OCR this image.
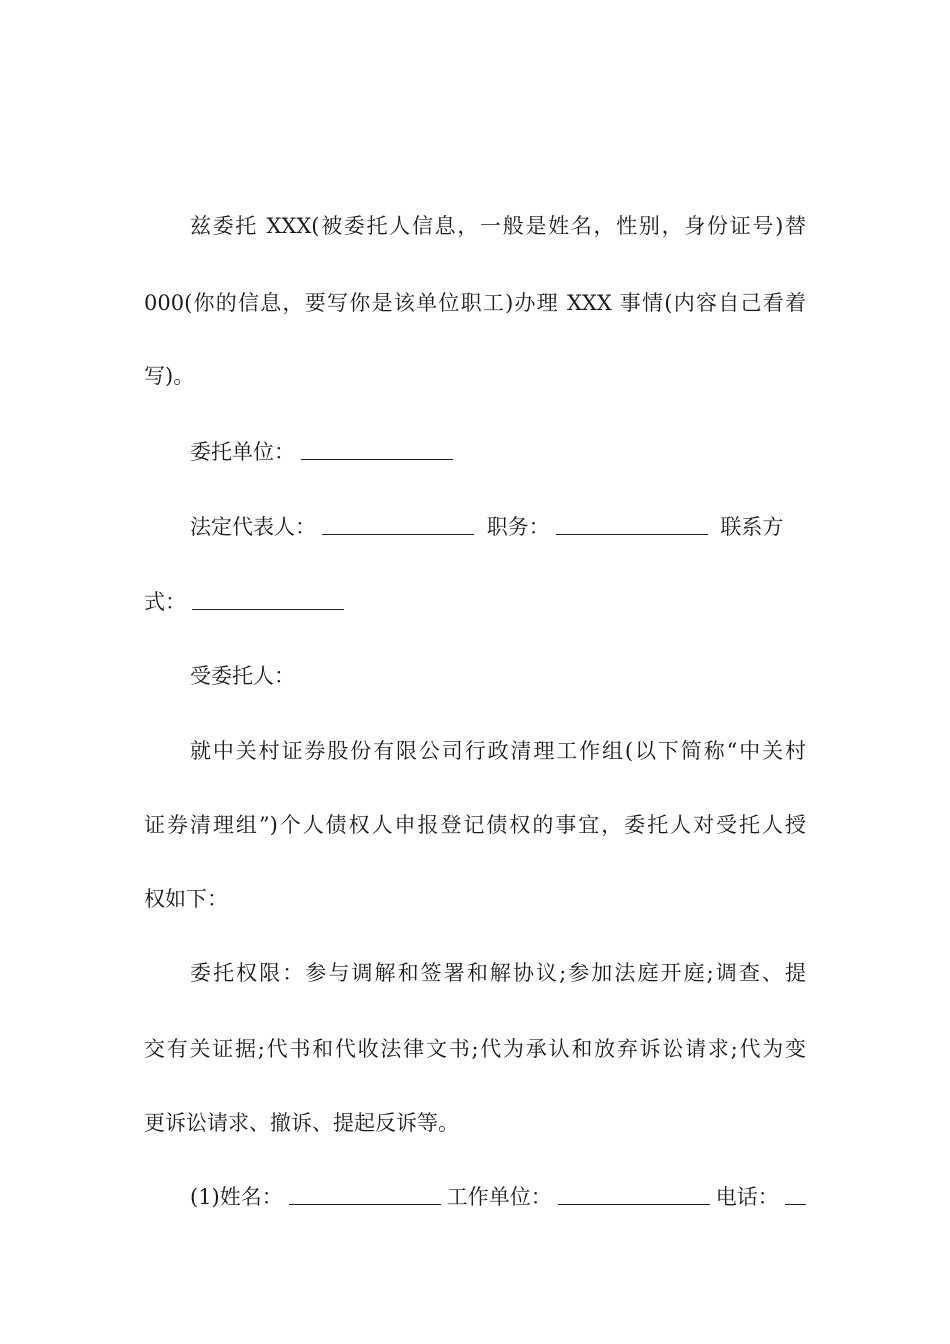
兹委托 XXX(被委托人信息，一般是姓名，性别，身份证号)替
000(你的信息，要写你是该单位职工)办理 XXX 事情(内容自己看着
写)。
委托单位：
法定代表人：	职务：	联系方
式：
受委托人：
就中关村证券股份有限公司行政清理工作组(以下简称“中关村
证券清理组”)个人债权人申报登记债权的事宜，委托人对受托人授
权如下：
委托权限：参与调解和签署和解协议;参加法庭开庭;调查、提
交有关证据;代书和代收法律文书;代为承认和放弃诉讼请求;代为变
更诉讼请求、撤诉、提起反诉等。
(1)姓名：	工作单位：	电话：
